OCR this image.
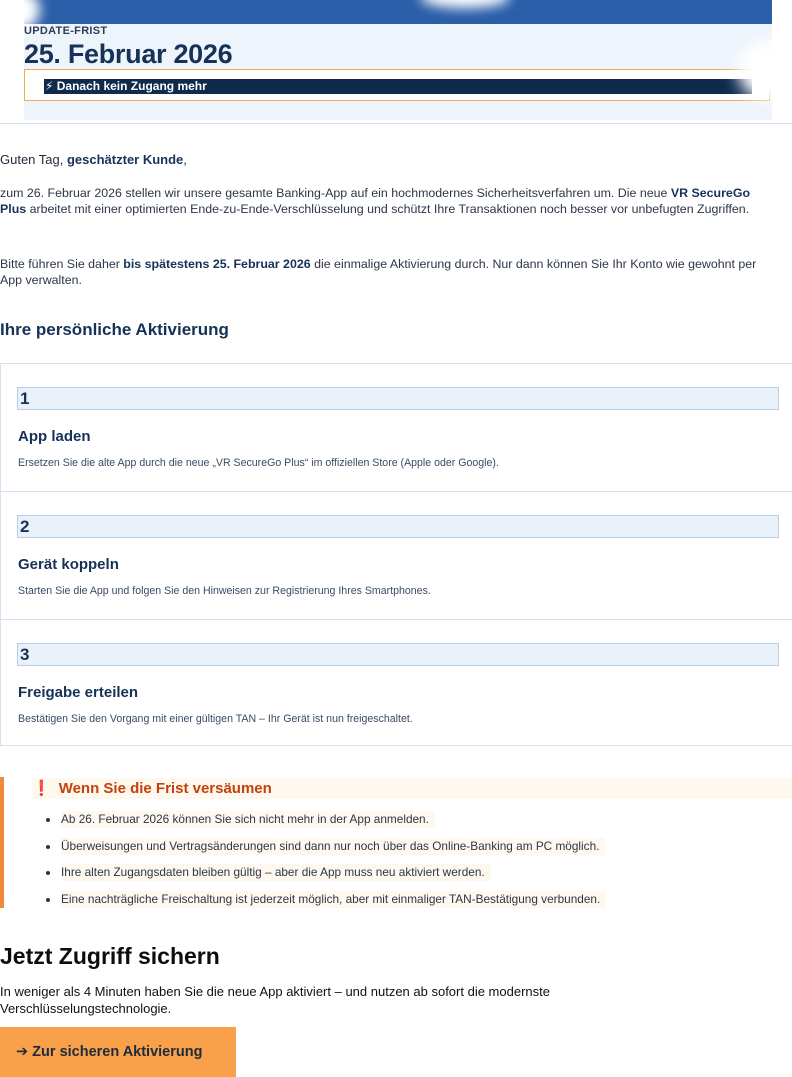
UPDATE-FRIST
25. Februar 2026
⚡ Danach kein Zugang mehr
Guten Tag, geschätzter Kunde,
zum 26. Februar 2026 stellen wir unsere gesamte Banking-App auf ein hochmodernes Sicherheitsverfahren um. Die neue VR SecureGo Plus arbeitet mit einer optimierten Ende-zu-Ende-Verschlüsselung und schützt Ihre Transaktionen noch besser vor unbefugten Zugriffen.
Bitte führen Sie daher bis spätestens 25. Februar 2026 die einmalige Aktivierung durch. Nur dann können Sie Ihr Konto wie gewohnt per App verwalten.
Ihre persönliche Aktivierung
1
App laden
Ersetzen Sie die alte App durch die neue „VR SecureGo Plus“ im offiziellen Store (Apple oder Google).
2
Gerät koppeln
Starten Sie die App und folgen Sie den Hinweisen zur Registrierung Ihres Smartphones.
3
Freigabe erteilen
Bestätigen Sie den Vorgang mit einer gültigen TAN – Ihr Gerät ist nun freigeschaltet.
❗ Wenn Sie die Frist versäumen
Ab 26. Februar 2026 können Sie sich nicht mehr in der App anmelden.
Überweisungen und Vertragsänderungen sind dann nur noch über das Online-Banking am PC möglich.
Ihre alten Zugangsdaten bleiben gültig – aber die App muss neu aktiviert werden.
Eine nachträgliche Freischaltung ist jederzeit möglich, aber mit einmaliger TAN-Bestätigung verbunden.
Jetzt Zugriff sichern
In weniger als 4 Minuten haben Sie die neue App aktiviert – und nutzen ab sofort die modernste Verschlüsselungstechnologie.
➔ Zur sicheren Aktivierung
